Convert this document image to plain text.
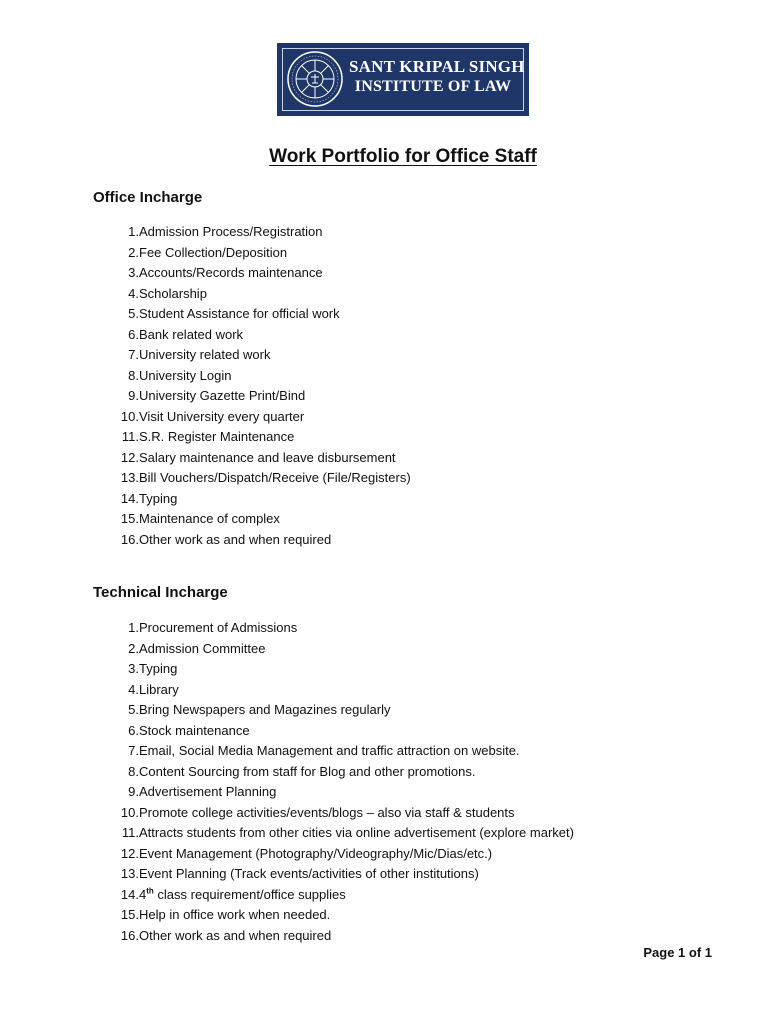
SANT KRIPAL SINGH
INSTITUTE OF LAW
Work Portfolio for Office Staff
Office Incharge
1. Admission Process/Registration
2. Fee Collection/Deposition
3. Accounts/Records maintenance
4. Scholarship
5. Student Assistance for official work
6. Bank related work
7. University related work
8. University Login
9. University Gazette Print/Bind
10. Visit University every quarter
11. S.R. Register Maintenance
12. Salary maintenance and leave disbursement
13. Bill Vouchers/Dispatch/Receive (File/Registers)
14. Typing
15. Maintenance of complex
16. Other work as and when required
Technical Incharge
1. Procurement of Admissions
2. Admission Committee
3. Typing
4. Library
5. Bring Newspapers and Magazines regularly
6. Stock maintenance
7. Email, Social Media Management and traffic attraction on website.
8. Content Sourcing from staff for Blog and other promotions.
9. Advertisement Planning
10. Promote college activities/events/blogs – also via staff & students
11. Attracts students from other cities via online advertisement (explore market)
12. Event Management (Photography/Videography/Mic/Dias/etc.)
13. Event Planning (Track events/activities of other institutions)
14. 4th class requirement/office supplies
15. Help in office work when needed.
16. Other work as and when required
Page 1 of 1
